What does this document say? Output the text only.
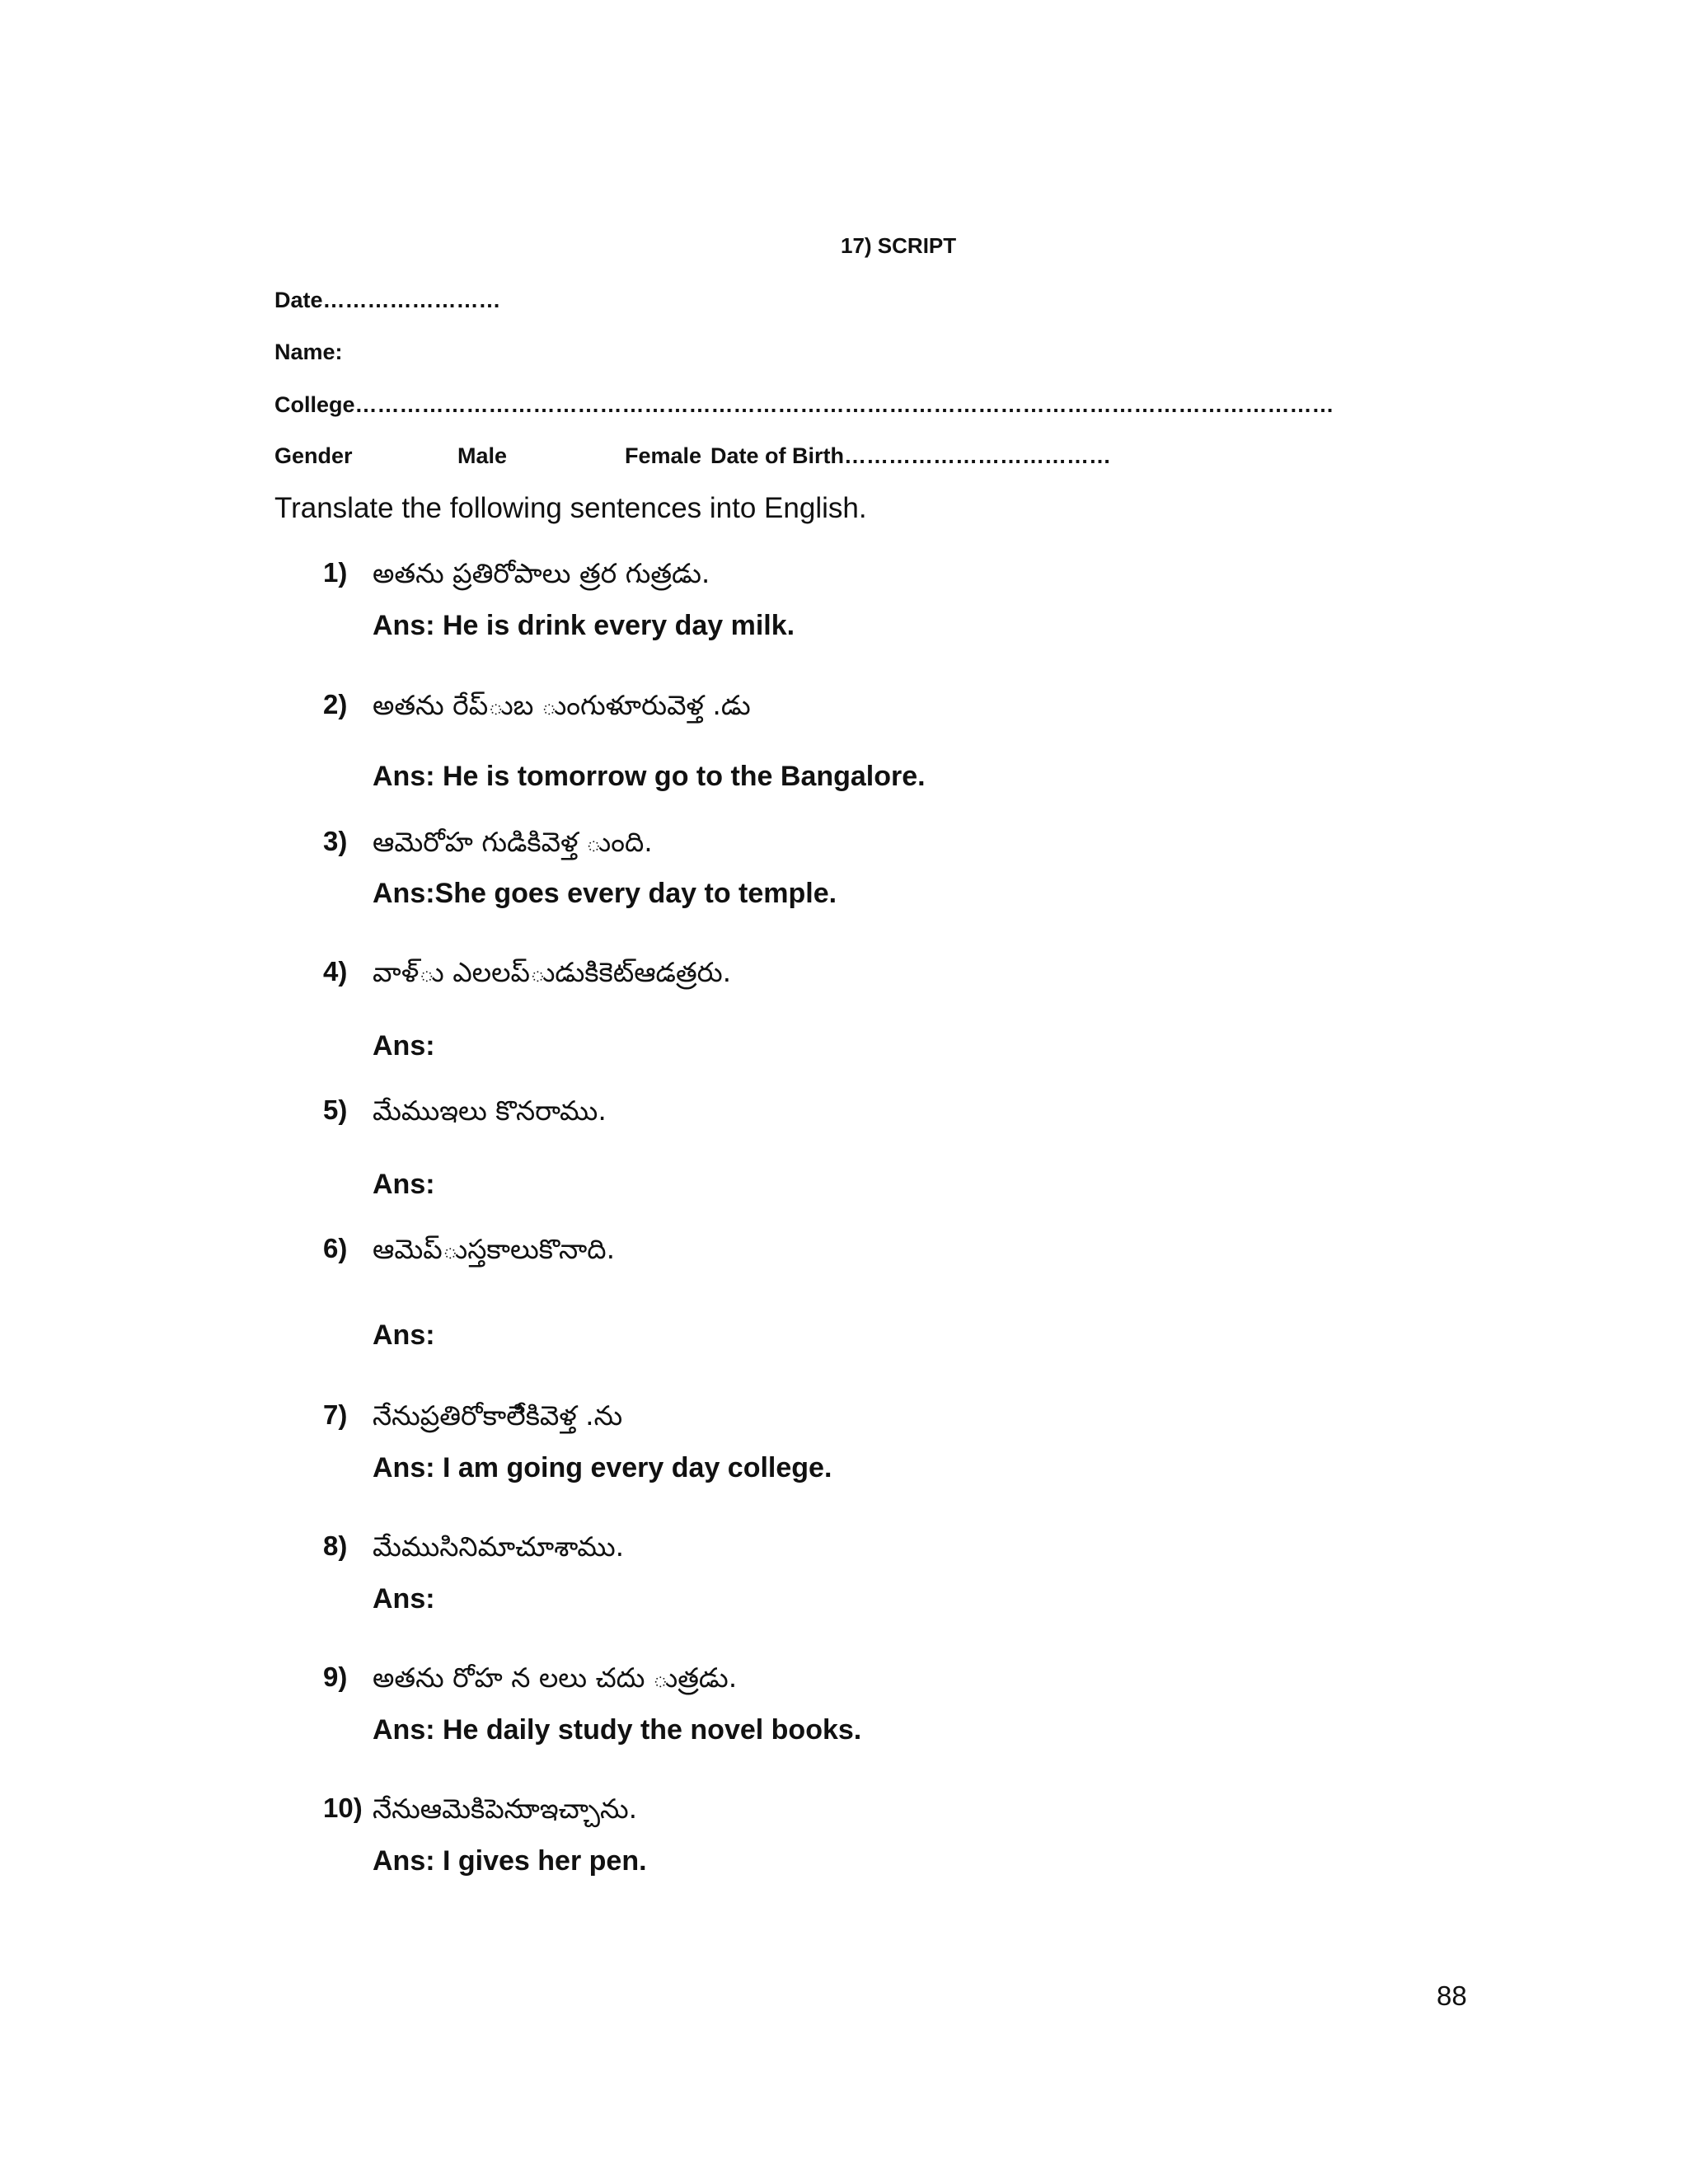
17) SCRIPT
Date……………………
Name:
College……………………………………………………………………………………………………………………
Gender	Male	Female Date of Birth………………………………
Translate the following sentences into English.
1) అతను ప్రతిరోపాలు త్రర గుత్రడు.
Ans: He is drink every day milk.
2) అతను రేప్ుబ ుంగుళూరువెళ్త .డు
Ans: He is tomorrow go to the Bangalore.
3) ఆమెరోహ గుడికివెళ్త ుంది.
Ans:She goes every day to temple.
4) వాళ్ు ఎలలప్ుడుకిికెట్ఆడత్రరు.
Ans:
5) మేముఇలు కొనరాము.
Ans:
6) ఆమెప్ుస్తకాలుకొనాది.
Ans:
7) నేనుప్రతిరోకాలేికివెళ్త .ను
Ans: I am going every day college.
8) మేముసినిమాచూశాము.
Ans:
9) అతను రోహ న లలు చదు ుత్రడు.
Ans: He daily study the novel books.
10) నేనుఆమెకిపెనుాఇచ్చాను.
Ans: I gives her pen.
88
